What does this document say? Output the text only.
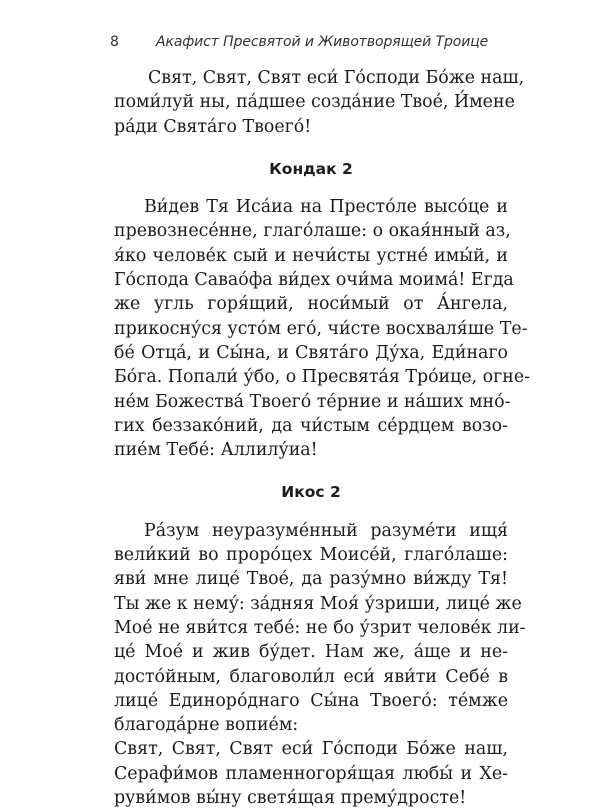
8	Акафист Пресвятой и Животворящей Троице

Свят, Свят, Свят еси́ Го́споди Бо́же наш,
поми́луй ны, па́дшее созда́ние Твое́, И́мене
ра́ди Свята́го Твоего́!

Кондак 2

Ви́дев Тя Иса́иа на Престо́ле высо́це и
превознесе́нне, глаго́лаше: о окая́нный аз,
я́ко челове́к сый и нечи́сты устне́ имы́й, и
Го́спода Савао́фа ви́дех очи́ма моима́! Егда
же угль горя́щий, носи́мый от А́нгела,
прикосну́ся усто́м его́, чи́сте восхваля́ше Те-
бе́ Отца́, и Сы́на, и Свята́го Ду́ха, Еди́наго
Бо́га. Попали́ у́бо, о Пресвята́я Тро́ице, огне-
не́м Божества́ Твоего́ те́рние и на́ших мно́-
гих беззако́ний, да чи́стым се́рдцем возо-
пие́м Тебе́: Аллилу́иа!

Икос 2

Ра́зум неуразуме́нный разуме́ти ищя́
вели́кий во проро́цех Моисе́й, глаго́лаше:
яви́ мне лице́ Твое́, да разу́мно ви́жду Тя!
Ты же к нему́: за́дняя Моя́ у́зриши, лице́ же
Мое́ не яви́тся тебе́: не бо у́зрит челове́к ли-
це́ Мое́ и жив бу́дет. Нам же, а́ще и не-
досто́йным, благоволи́л еси́ яви́ти Себе́ в
лице́ Единоро́днаго Сы́на Твоего́: те́мже
благода́рне вопие́м:

Свят, Свят, Свят еси́ Го́споди Бо́же наш,
Серафи́мов пламенногоря́щая любы́ и Хе-
руви́мов вы́ну светя́щая прему́дросте!
